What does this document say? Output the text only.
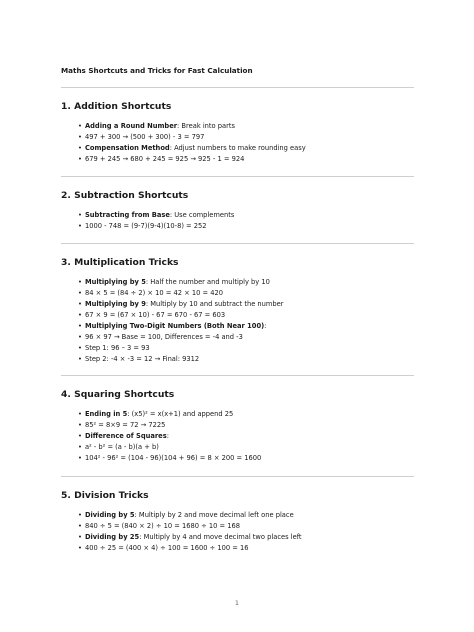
Maths Shortcuts and Tricks for Fast Calculation
1. Addition Shortcuts
• Adding a Round Number: Break into parts
• 497 + 300 → (500 + 300) - 3 = 797
• Compensation Method: Adjust numbers to make rounding easy
• 679 + 245 → 680 + 245 = 925 → 925 - 1 = 924
2. Subtraction Shortcuts
• Subtracting from Base: Use complements
• 1000 - 748 = (9-7)(9-4)(10-8) = 252
3. Multiplication Tricks
• Multiplying by 5: Half the number and multiply by 10
• 84 × 5 = (84 ÷ 2) × 10 = 42 × 10 = 420
• Multiplying by 9: Multiply by 10 and subtract the number
• 67 × 9 = (67 × 10) - 67 = 670 - 67 = 603
• Multiplying Two-Digit Numbers (Both Near 100):
• 96 × 97 → Base = 100, Differences = -4 and -3
• Step 1: 96 – 3 = 93
• Step 2: -4 × -3 = 12 → Final: 9312
4. Squaring Shortcuts
• Ending in 5: (x5)² = x(x+1) and append 25
• 85² = 8×9 = 72 → 7225
• Difference of Squares:
• a² - b² = (a - b)(a + b)
• 104² - 96² = (104 - 96)(104 + 96) = 8 × 200 = 1600
5. Division Tricks
• Dividing by 5: Multiply by 2 and move decimal left one place
• 840 ÷ 5 = (840 × 2) ÷ 10 = 1680 ÷ 10 = 168
• Dividing by 25: Multiply by 4 and move decimal two places left
• 400 ÷ 25 = (400 × 4) ÷ 100 = 1600 ÷ 100 = 16
1
